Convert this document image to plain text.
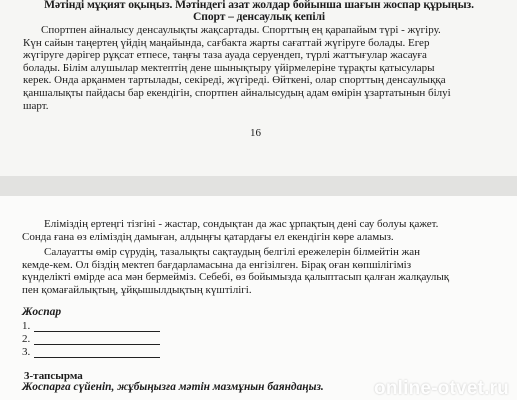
Мәтінді мұқият оқыңыз. Мәтіндегі азат жолдар бойынша шағын жоспар құрыңыз.
Спорт – денсаулық кепілі
Спортпен айналысу денсаулықты жақсартады. Спорттың ең қарапайым түрі - жүгіру.
Күн сайын таңертең үйдің маңайында, сағбакта жарты сағаттай жүгіруге болады. Егер
жүгіруге дәрігер рұқсат етпесе, таңғы таза ауада серуендеп, түрлі жаттығулар жасауға
болады. Білім алушылар мектептің дене шынықтыру үйірмелеріне тұрақты қатысулары
керек. Онда арқанмен тартылады, секіреді, жүгіреді. Өйткені, олар спорттың денсаулыққа
қаншалықты пайдасы бар екендігін, спортпен айналысудың адам өмірін ұзартатынын білуі
шарт.
16
Еліміздің ертеңгі тізгіні - жастар, сондықтан да жас ұрпақтың дені сау болуы қажет.
Сонда ғана өз еліміздің дамыған, алдыңғы қатардағы ел екендігін көре аламыз.
Салауатты өмір сүрудің, тазалықты сақтаудың белгілі ережелерін білмейтін жан
кемде-кем. Ол біздің мектеп бағдарламасына да енгізілген. Бірақ оған көпшілігіміз
күнделікті өмірде аса мән бермейміз. Себебі, өз бойымызда қалыптасып қалған жалқаулық
пен қомағайлықтың, ұйқышылдықтың күштілігі.
Жоспар
1.
2.
3.
3-тапсырма
Жоспарға сүйеніп, жұбыңызға мәтін мазмұнын баяндаңыз.	online-otvet.ru
